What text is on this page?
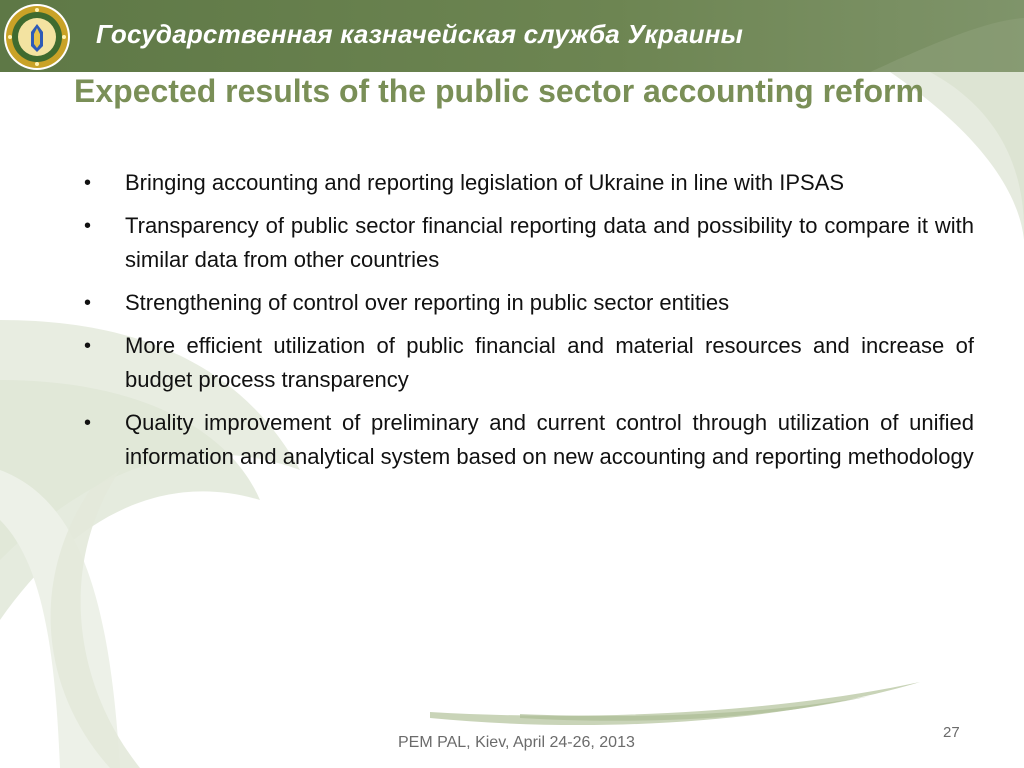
Государственная казначейская служба Украины
Expected results of the public sector accounting reform
• Bringing accounting and reporting legislation of Ukraine in line with IPSAS
• Transparency of public sector financial reporting data and possibility to compare it with similar data from other countries
• Strengthening of control over reporting in public sector entities
• More efficient utilization of public financial and material resources and increase of budget process transparency
• Quality improvement of preliminary and current control through utilization of unified information and analytical system based on new accounting and reporting methodology
PEM PAL, Kiev, April 24-26, 2013
27
